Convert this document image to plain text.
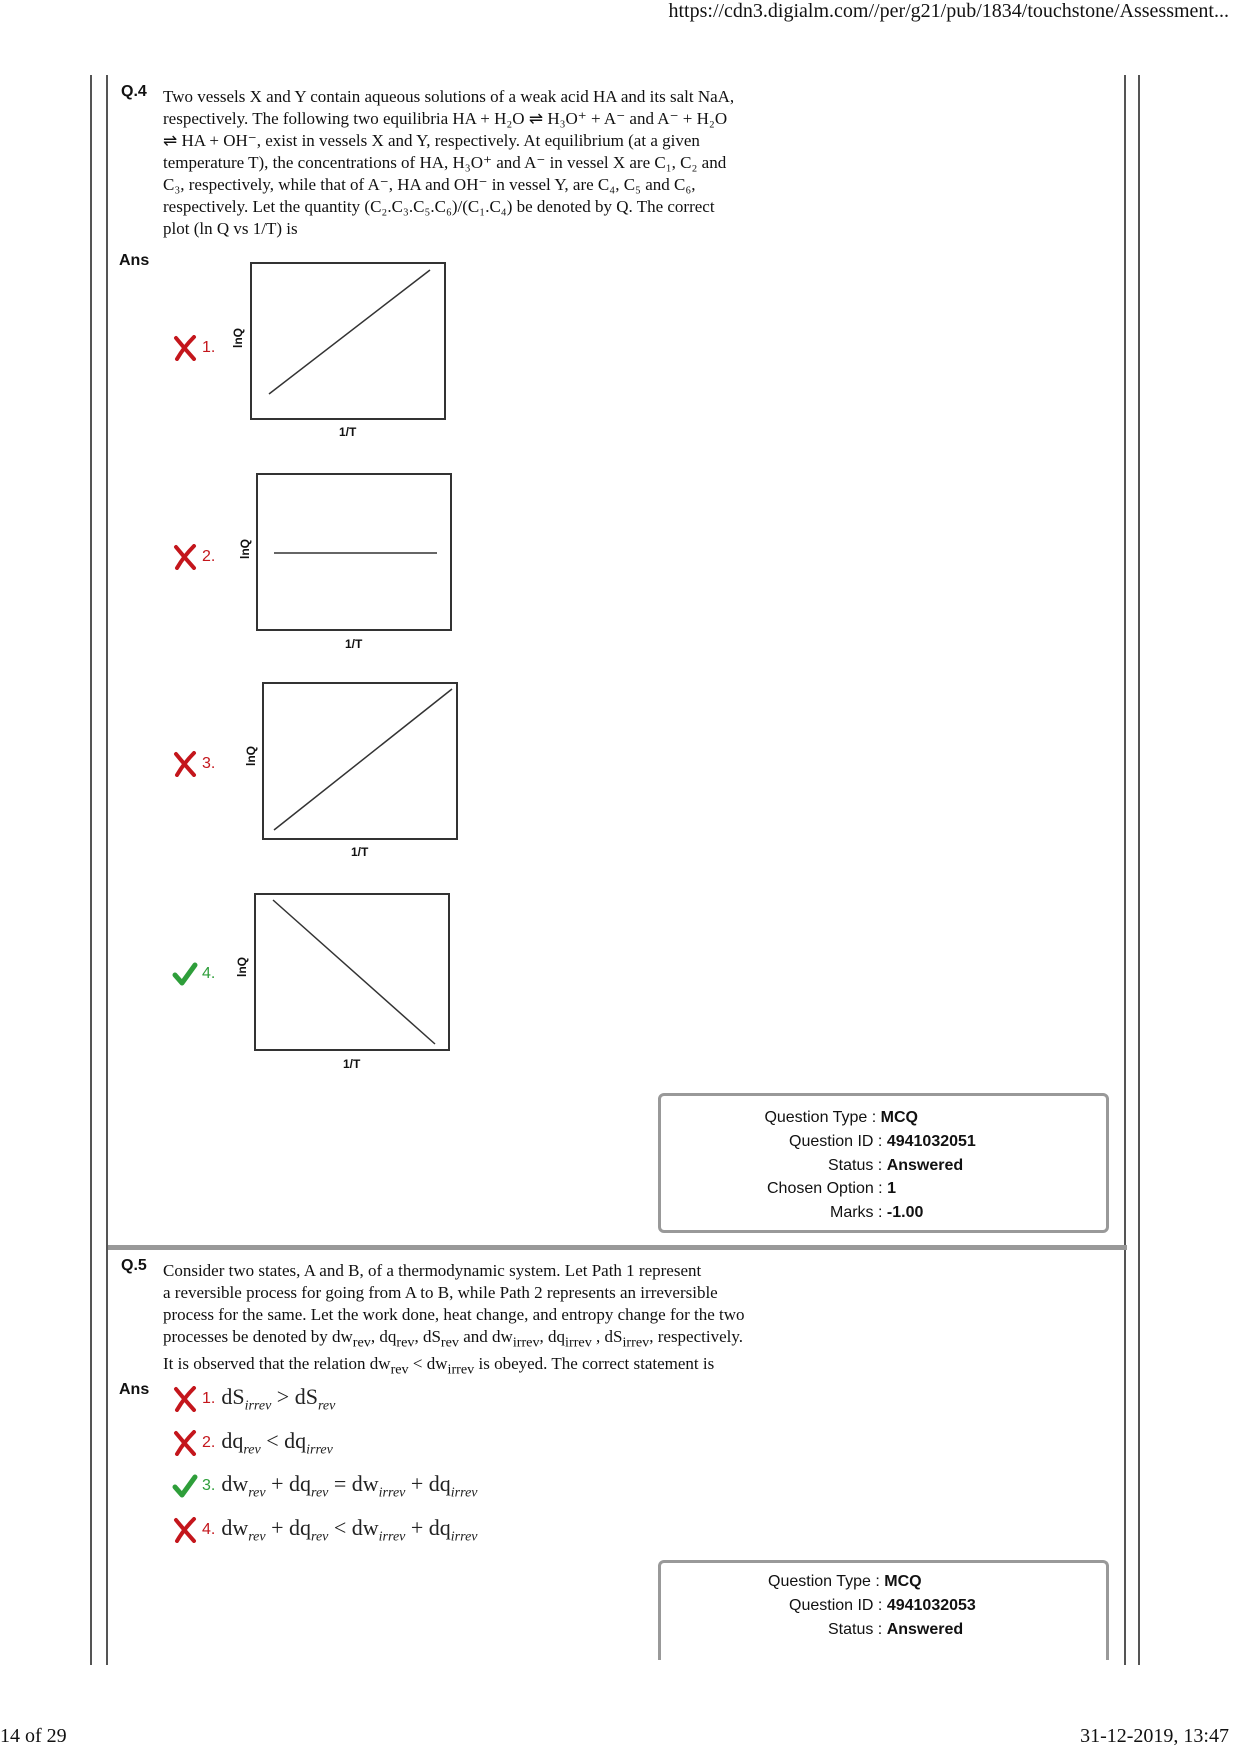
https://cdn3.digialm.com//per/g21/pub/1834/touchstone/Assessment...
14 of 29	31-12-2019, 13:47
Q.4 Two vessels X and Y contain aqueous solutions of a weak acid HA and its salt NaA,

respectively. The following two equilibria HA + H₂O ⇌ H₃O⁺ + A⁻ and A⁻ + H₂O

⇌ HA + OH⁻, exist in vessels X and Y, respectively. At equilibrium (at a given

temperature T), the concentrations of HA, H₃O⁺ and A⁻ in vessel X are C₁, C₂ and

C₃, respectively, while that of A⁻, HA and OH⁻ in vessel Y, are C₄, C₅ and C₆,

respectively. Let the quantity (C₂.C₃.C₅.C₆)/(C₁.C₄) be denoted by Q. The correct

plot (ln Q vs 1/T) is

Ans
1. lnQ
1/T
2. lnQ
1/T
3. lnQ
1/T
4. lnQ
1/T
Question Type : MCQ
Question ID : 4941032051
Status : Answered
Chosen Option : 1
Marks : -1.00
Q.5 Consider two states, A and B, of a thermodynamic system. Let Path 1 represent

a reversible process for going from A to B, while Path 2 represents an irreversible

process for the same. Let the work done, heat change, and entropy change for the two

processes be denoted by $dw_{rev}$, $dq_{rev}$, $dS_{rev}$ and $dw_{irrev}$, $dq_{irrev}$ , $dS_{irrev}$, respectively.

It is observed that the relation $dw_{rev} < dw_{irrev}$ is obeyed. The correct statement is

Ans
1. $dS_{irrev} > dS_{rev}$
2. $dq_{rev} < dq_{irrev}$
3. $dw_{rev} + dq_{rev} = dw_{irrev} + dq_{irrev}$
4. $dw_{rev} + dq_{rev} < dw_{irrev} + dq_{irrev}$
Question Type : MCQ
Question ID : 4941032053
Status : Answered
